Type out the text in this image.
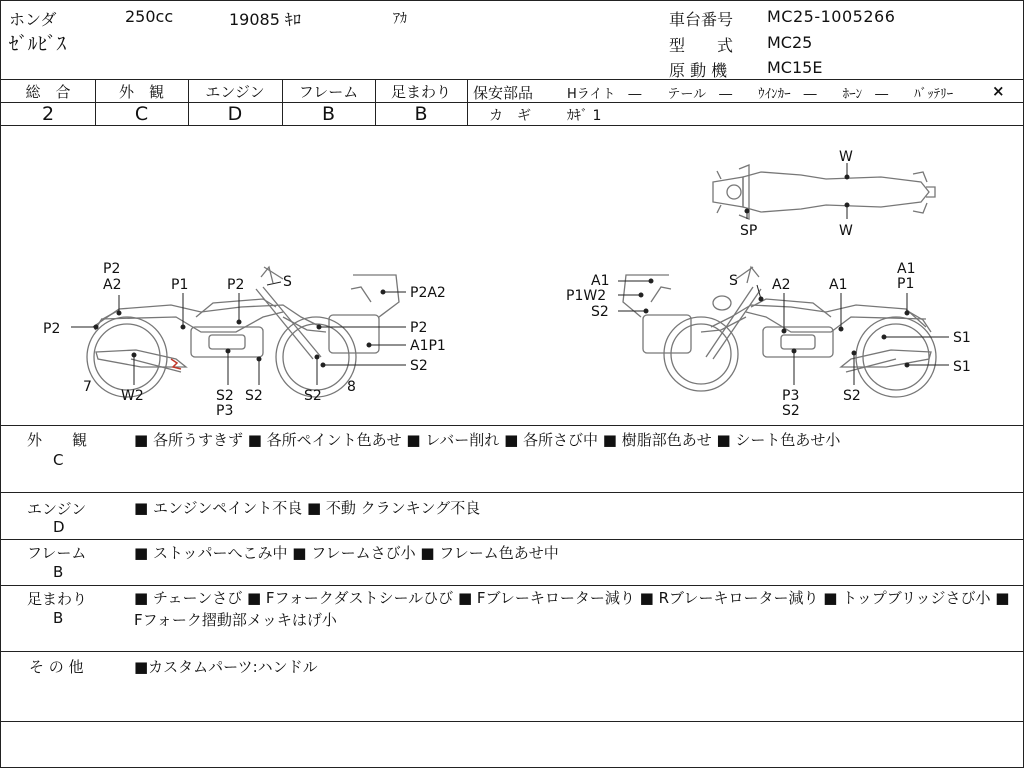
ホンダ	250cc	19085 ｷﾛ	ｱｶ
ｾﾞﾙﾋﾞｽ
車台番号 MC25-1005266
型　　式 MC25
原 動 機 MC15E
総　合
2
外　観
C
エンジン
D
フレーム
B
足まわり
B
保安部品	Hライト　―　　テール　―　　ｳｲﾝｶｰ　―　　ﾎｰﾝ　―　　ﾊﾞｯﾃﾘｰ	×
カ　ギ	ｶｷﾞ 1
P2
A2	P1	P2	S
P2
P2A2
P2
A1P1
S2
7
W2	S2 S2
P3
S2
8
A1
P1W2
S2
S A2	A1
A1
P1
S1
S1
P3
S2
S2
W
W
SP
外　　観
C
■ 各所うすきず ■ 各所ペイント色あせ ■ レバー削れ ■ 各所さび中 ■ 樹脂部色あせ ■ シート色あせ小
エンジン
D
■ エンジンペイント不良 ■ 不動 クランキング不良
フレーム
B
■ ストッパーへこみ中 ■ フレームさび小 ■ フレーム色あせ中
足まわり
B
■ チェーンさび ■ Fフォークダストシールひび ■ Fブレーキローター減り ■ Rブレーキローター減り ■ トップブリッジさび小 ■ Fフォーク摺動部メッキはげ小
そ の 他	■カスタムパーツ:ハンドル
